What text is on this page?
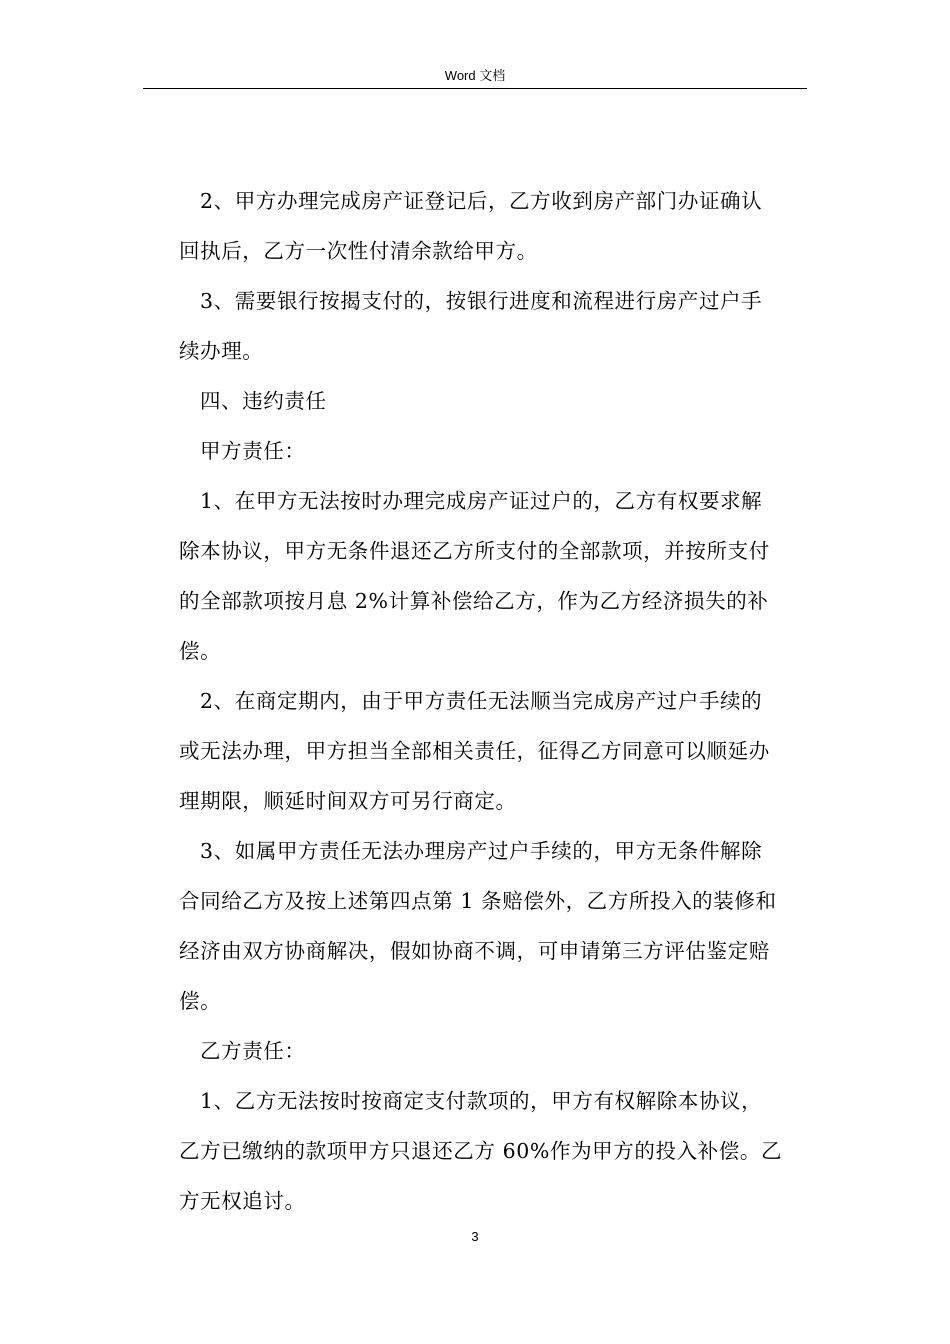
Word 文档

2、甲方办理完成房产证登记后，乙方收到房产部门办证确认
回执后，乙方一次性付清余款给甲方。

3、需要银行按揭支付的，按银行进度和流程进行房产过户手
续办理。

四、违约责任

甲方责任：

1、在甲方无法按时办理完成房产证过户的，乙方有权要求解
除本协议，甲方无条件退还乙方所支付的全部款项，并按所支付
的全部款项按月息 2%计算补偿给乙方，作为乙方经济损失的补
偿。

2、在商定期内，由于甲方责任无法顺当完成房产过户手续的
或无法办理，甲方担当全部相关责任，征得乙方同意可以顺延办
理期限，顺延时间双方可另行商定。

3、如属甲方责任无法办理房产过户手续的，甲方无条件解除
合同给乙方及按上述第四点第 1 条赔偿外，乙方所投入的装修和
经济由双方协商解决，假如协商不调，可申请第三方评估鉴定赔
偿。

乙方责任：

1、乙方无法按时按商定支付款项的，甲方有权解除本协议，
乙方已缴纳的款项甲方只退还乙方 60%作为甲方的投入补偿。乙
方无权追讨。

3
